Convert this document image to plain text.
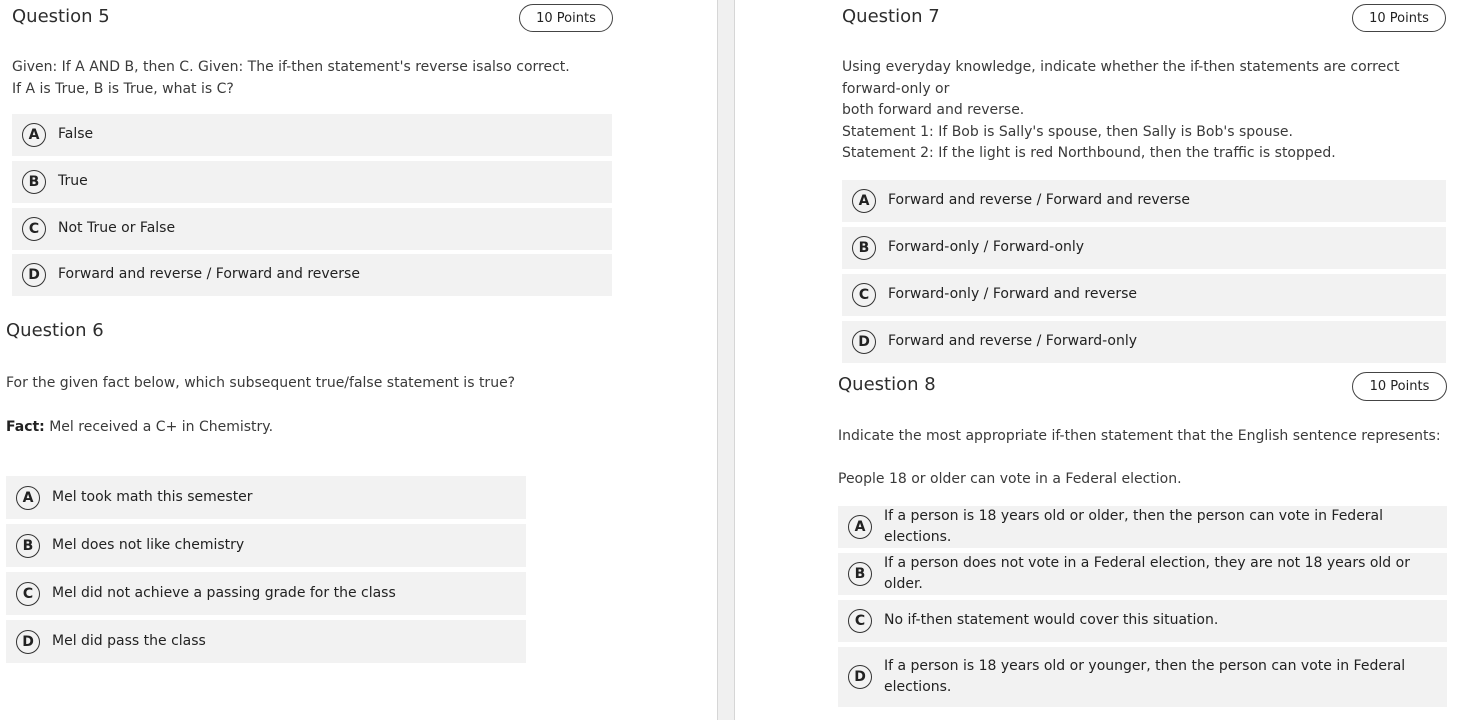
Question 5	10 Points

Given: If A AND B, then C. Given: The if-then statement's reverse isalso correct.

If A is True, B is True, what is C?

A	False
B	True
C	Not True or False
D	Forward and reverse / Forward and reverse
Question 6
For the given fact below, which subsequent true/false statement is true?
Fact: Mel received a C+ in Chemistry.
A	Mel took math this semester
B	Mel does not like chemistry
C	Mel did not achieve a passing grade for the class
D	Mel did pass the class
Question 7	10 Points

Using everyday knowledge, indicate whether the if-then statements are correct forward-only or

both forward and reverse.

Statement 1: If Bob is Sally's spouse, then Sally is Bob's spouse.

Statement 2: If the light is red Northbound, then the traffic is stopped.

A	Forward and reverse / Forward and reverse
B	Forward-only / Forward-only
C	Forward-only / Forward and reverse
D	Forward and reverse / Forward-only
Question 8	10 Points
Indicate the most appropriate if-then statement that the English sentence represents:
People 18 or older can vote in a Federal election.
A
If a person is 18 years old or older, then the person can vote in Federal elections.
B
If a person does not vote in a Federal election, they are not 18 years old or older.
C	No if-then statement would cover this situation.
D
If a person is 18 years old or younger, then the person can vote in Federal elections.
